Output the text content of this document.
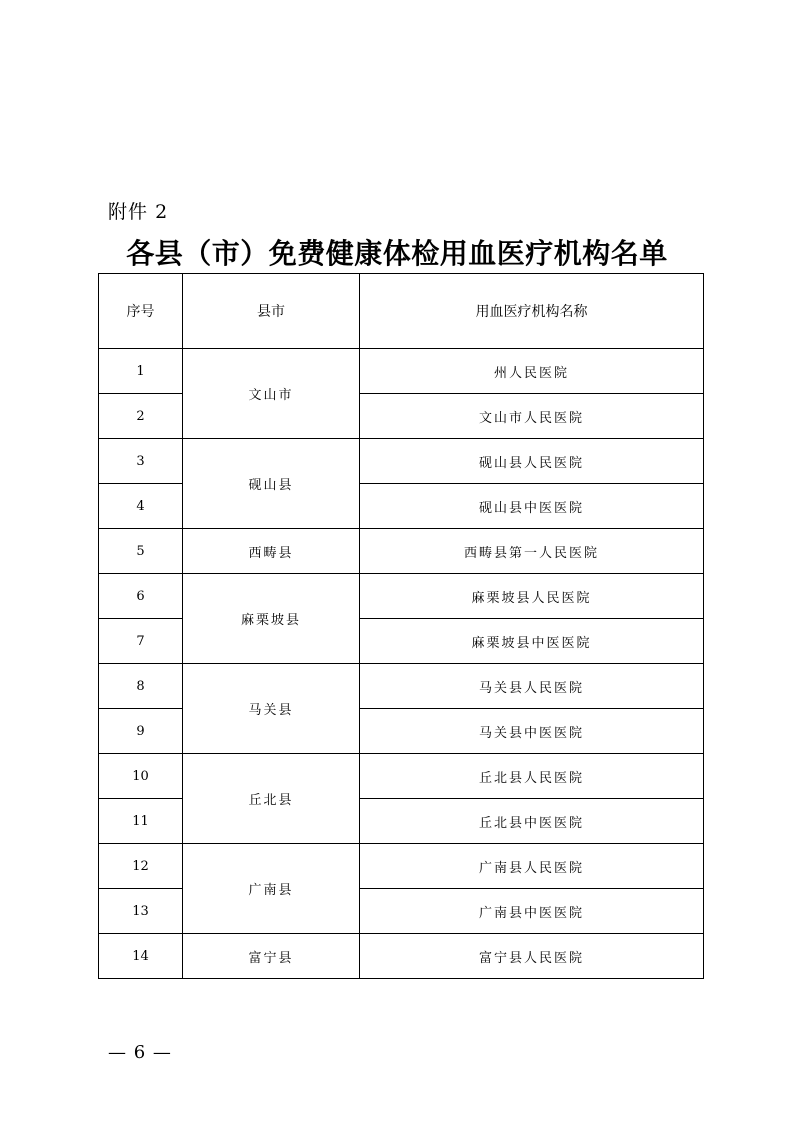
附件 2
各县（市）免费健康体检用血医疗机构名单
序号	县市	用血医疗机构名称
1	文山市	州人民医院
2		文山市人民医院
3	砚山县	砚山县人民医院
4		砚山县中医医院
5	西畴县	西畴县第一人民医院
6	麻栗坡县	麻栗坡县人民医院
7		麻栗坡县中医医院
8	马关县	马关县人民医院
9		马关县中医医院
10	丘北县	丘北县人民医院
11		丘北县中医医院
12	广南县	广南县人民医院
13		广南县中医医院
14	富宁县	富宁县人民医院
— 6 —
